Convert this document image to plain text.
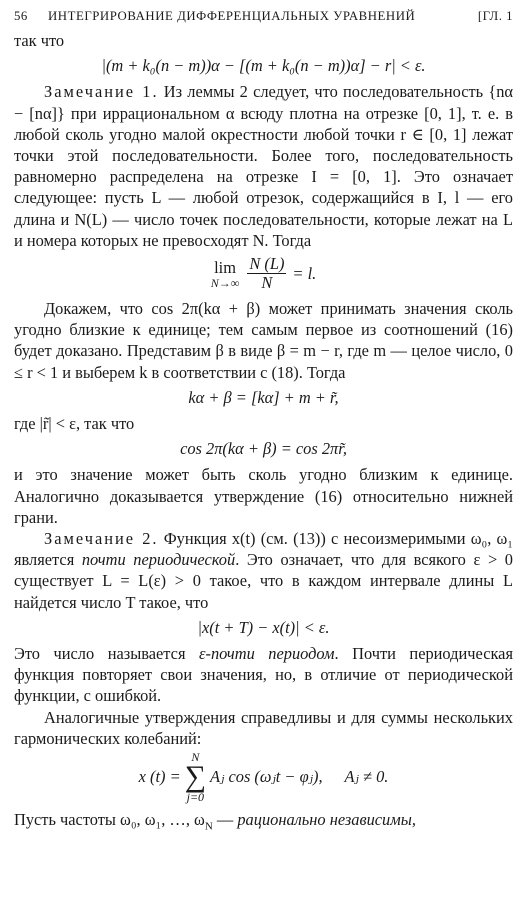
56	ИНТЕГРИРОВАНИЕ ДИФФЕРЕНЦИАЛЬНЫХ УРАВНЕНИЙ	[ГЛ. 1

так что

|(m + k₀(n − m))α − [(m + k₀(n − m))α] − r| < ε.

Замечание 1. Из леммы 2 следует, что последовательность {nα − [nα]} при иррациональном α всюду плотна на отрезке [0, 1], т. е. в любой сколь угодно малой окрестности любой точки r ∈ [0, 1] лежат точки этой последовательности. Более того, последовательность равномерно распределена на отрезке I = [0, 1]. Это означает следующее: пусть L — любой отрезок, содержащийся в I, l — его длина и N(L) — число точек последовательности, которые лежат на L и номера которых не превосходят N. Тогда

lim
$N\to\infty \frac{N (L)}{N} = l$.

Докажем, что cos 2π(kα + β) может принимать значения сколь угодно близкие к единице; тем самым первое из соотношений (16) будет доказано. Представим β в виде β = m − r, где m — целое число, 0 ≤ r < 1 и выберем k в соответствии с (18). Тогда

kα + β = [kα] + m + r̃,

где |r̃| < ε, так что

cos 2π(kα + β) = cos 2πr̃,

и это значение может быть сколь угодно близким к единице. Аналогично доказывается утверждение (16) относительно нижней грани.

Замечание 2. Функция x(t) (см. (13)) с несоизмеримыми ω₀, ω₁ является почти периодической. Это означает, что для всякого ε > 0 существует L = L(ε) > 0 такое, что в каждом интервале длины L найдется число T такое, что

|x(t + T) − x(t)| < ε.

Это число называется ε-почти периодом. Почти периодическая функция повторяет свои значения, но, в отличие от периодической функции, с ошибкой.

Аналогичные утверждения справедливы и для суммы нескольких гармонических колебаний:

x (t) =
N
∑
j=0
Aⱼ cos (ωⱼt − φⱼ), Aⱼ ≠ 0.

Пусть частоты ω₀, ω₁, …, $\omega_N$ — рационально независимы,
